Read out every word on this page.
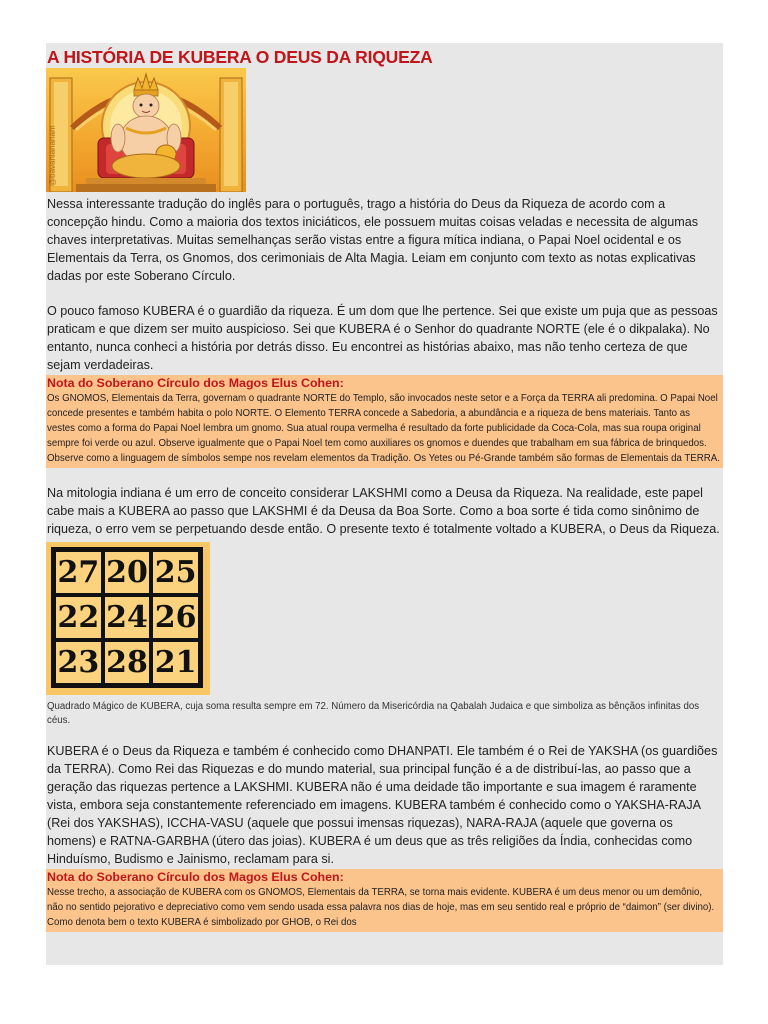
A HISTÓRIA DE KUBERA O DEUS DA RIQUEZA
@bavaniananam

Nessa interessante tradução do inglês para o português, trago a história do Deus da Riqueza de acordo com a concepção hindu. Como a maioria dos textos iniciáticos, ele possuem muitas coisas veladas e necessita de algumas chaves interpretativas. Muitas semelhanças serão vistas entre a figura mítica indiana, o Papai Noel ocidental e os Elementais da Terra, os Gnomos, dos cerimoniais de Alta Magia. Leiam em conjunto com texto as notas explicativas dadas por este Soberano Círculo.

O pouco famoso KUBERA é o guardião da riqueza. É um dom que lhe pertence. Sei que existe um puja que as pessoas praticam e que dizem ser muito auspicioso. Sei que KUBERA é o Senhor do quadrante NORTE (ele é o dikpalaka). No entanto, nunca conheci a história por detrás disso. Eu encontrei as histórias abaixo, mas não tenho certeza de que sejam verdadeiras.

Nota do Soberano Círculo dos Magos Elus Cohen:
Os GNOMOS, Elementais da Terra, governam o quadrante NORTE do Templo, são invocados neste setor e a Força da TERRA ali predomina. O Papai Noel concede presentes e também habita o polo NORTE. O Elemento TERRA concede a Sabedoria, a abundância e a riqueza de bens materiais. Tanto as vestes como a forma do Papai Noel lembra um gnomo. Sua atual roupa vermelha é resultado da forte publicidade da Coca-Cola, mas sua roupa original sempre foi verde ou azul. Observe igualmente que o Papai Noel tem como auxiliares os gnomos e duendes que trabalham em sua fábrica de brinquedos. Observe como a linguagem de símbolos sempe nos revelam elementos da Tradição. Os Yetes ou Pé-Grande também são formas de Elementais da TERRA.

Na mitologia indiana é um erro de conceito considerar LAKSHMI como a Deusa da Riqueza. Na realidade, este papel cabe mais a KUBERA ao passo que LAKSHMI é da Deusa da Boa Sorte. Como a boa sorte é tida como sinônimo de riqueza, o erro vem se perpetuando desde então. O presente texto é totalmente voltado a KUBERA, o Deus da Riqueza.

27 20 25
22 24 26
23 28 21
Quadrado Mágico de KUBERA, cuja soma resulta sempre em 72. Número da Misericórdia na Qabalah Judaica e que simboliza as bênçãos infinitas dos céus.

KUBERA é o Deus da Riqueza e também é conhecido como DHANPATI. Ele também é o Rei de YAKSHA (os guardiões da TERRA). Como Rei das Riquezas e do mundo material, sua principal função é a de distribuí-las, ao passo que a geração das riquezas pertence a LAKSHMI. KUBERA não é uma deidade tão importante e sua imagem é raramente vista, embora seja constantemente referenciado em imagens. KUBERA também é conhecido como o YAKSHA-RAJA (Rei dos YAKSHAS), ICCHA-VASU (aquele que possui imensas riquezas), NARA-RAJA (aquele que governa os homens) e RATNA-GARBHA (útero das joias). KUBERA é um deus que as três religiões da Índia, conhecidas como Hinduísmo, Budismo e Jainismo, reclamam para si.

Nota do Soberano Círculo dos Magos Elus Cohen:
Nesse trecho, a associação de KUBERA com os GNOMOS, Elementais da TERRA, se torna mais evidente. KUBERA é um deus menor ou um demônio, não no sentido pejorativo e depreciativo como vem sendo usada essa palavra nos dias de hoje, mas em seu sentido real e próprio de “daimon” (ser divino). Como denota bem o texto KUBERA é simbolizado por GHOB, o Rei dos
